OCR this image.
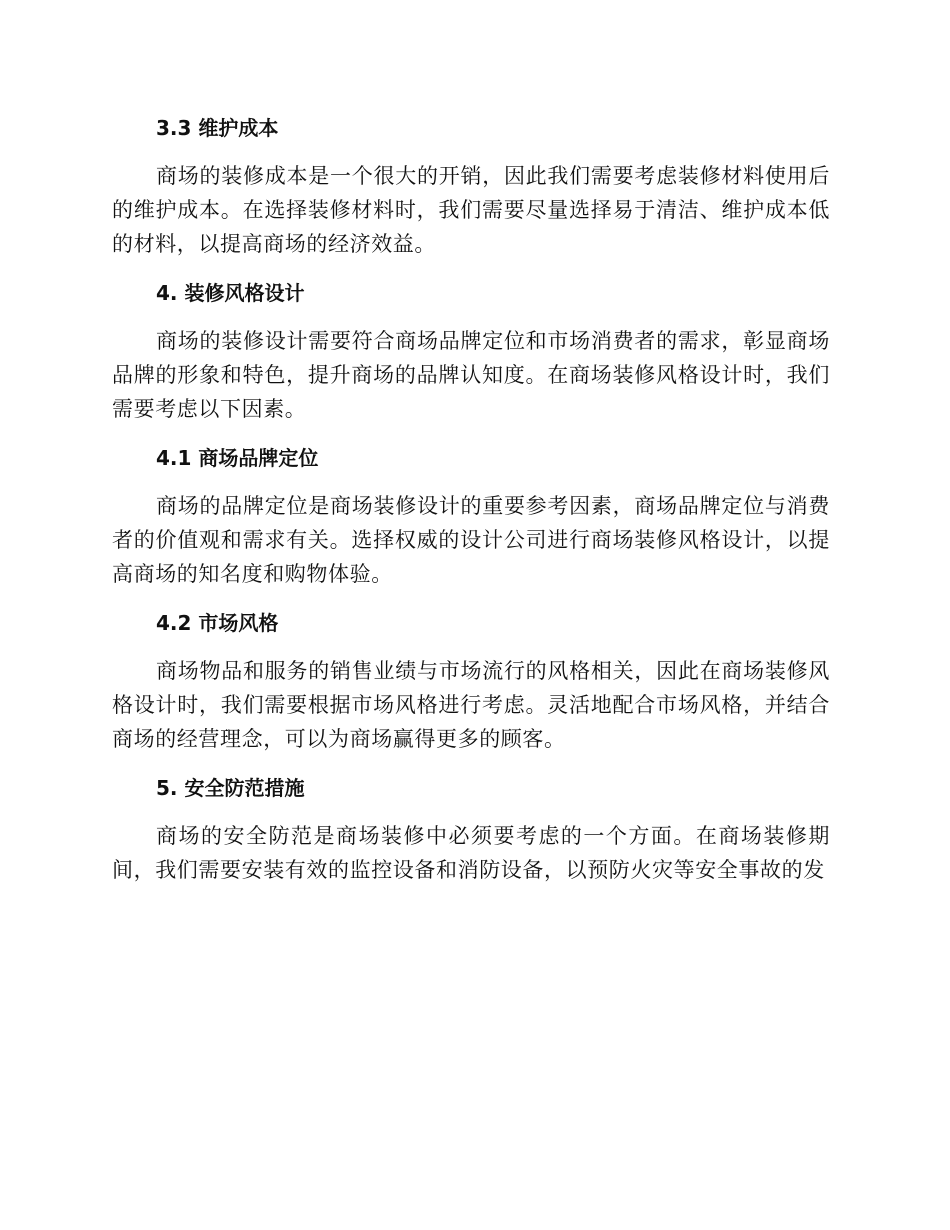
3.3 维护成本

商场的装修成本是一个很大的开销，因此我们需要考虑装修材料使用后的维护成本。在选择装修材料时，我们需要尽量选择易于清洁、维护成本低的材料，以提高商场的经济效益。

4. 装修风格设计

商场的装修设计需要符合商场品牌定位和市场消费者的需求，彰显商场品牌的形象和特色，提升商场的品牌认知度。在商场装修风格设计时，我们需要考虑以下因素。

4.1 商场品牌定位

商场的品牌定位是商场装修设计的重要参考因素，商场品牌定位与消费者的价值观和需求有关。选择权威的设计公司进行商场装修风格设计，以提高商场的知名度和购物体验。

4.2 市场风格

商场物品和服务的销售业绩与市场流行的风格相关，因此在商场装修风格设计时，我们需要根据市场风格进行考虑。灵活地配合市场风格，并结合商场的经营理念，可以为商场赢得更多的顾客。

5. 安全防范措施

商场的安全防范是商场装修中必须要考虑的一个方面。在商场装修期间，我们需要安装有效的监控设备和消防设备，以预防火灾等安全事故的发
